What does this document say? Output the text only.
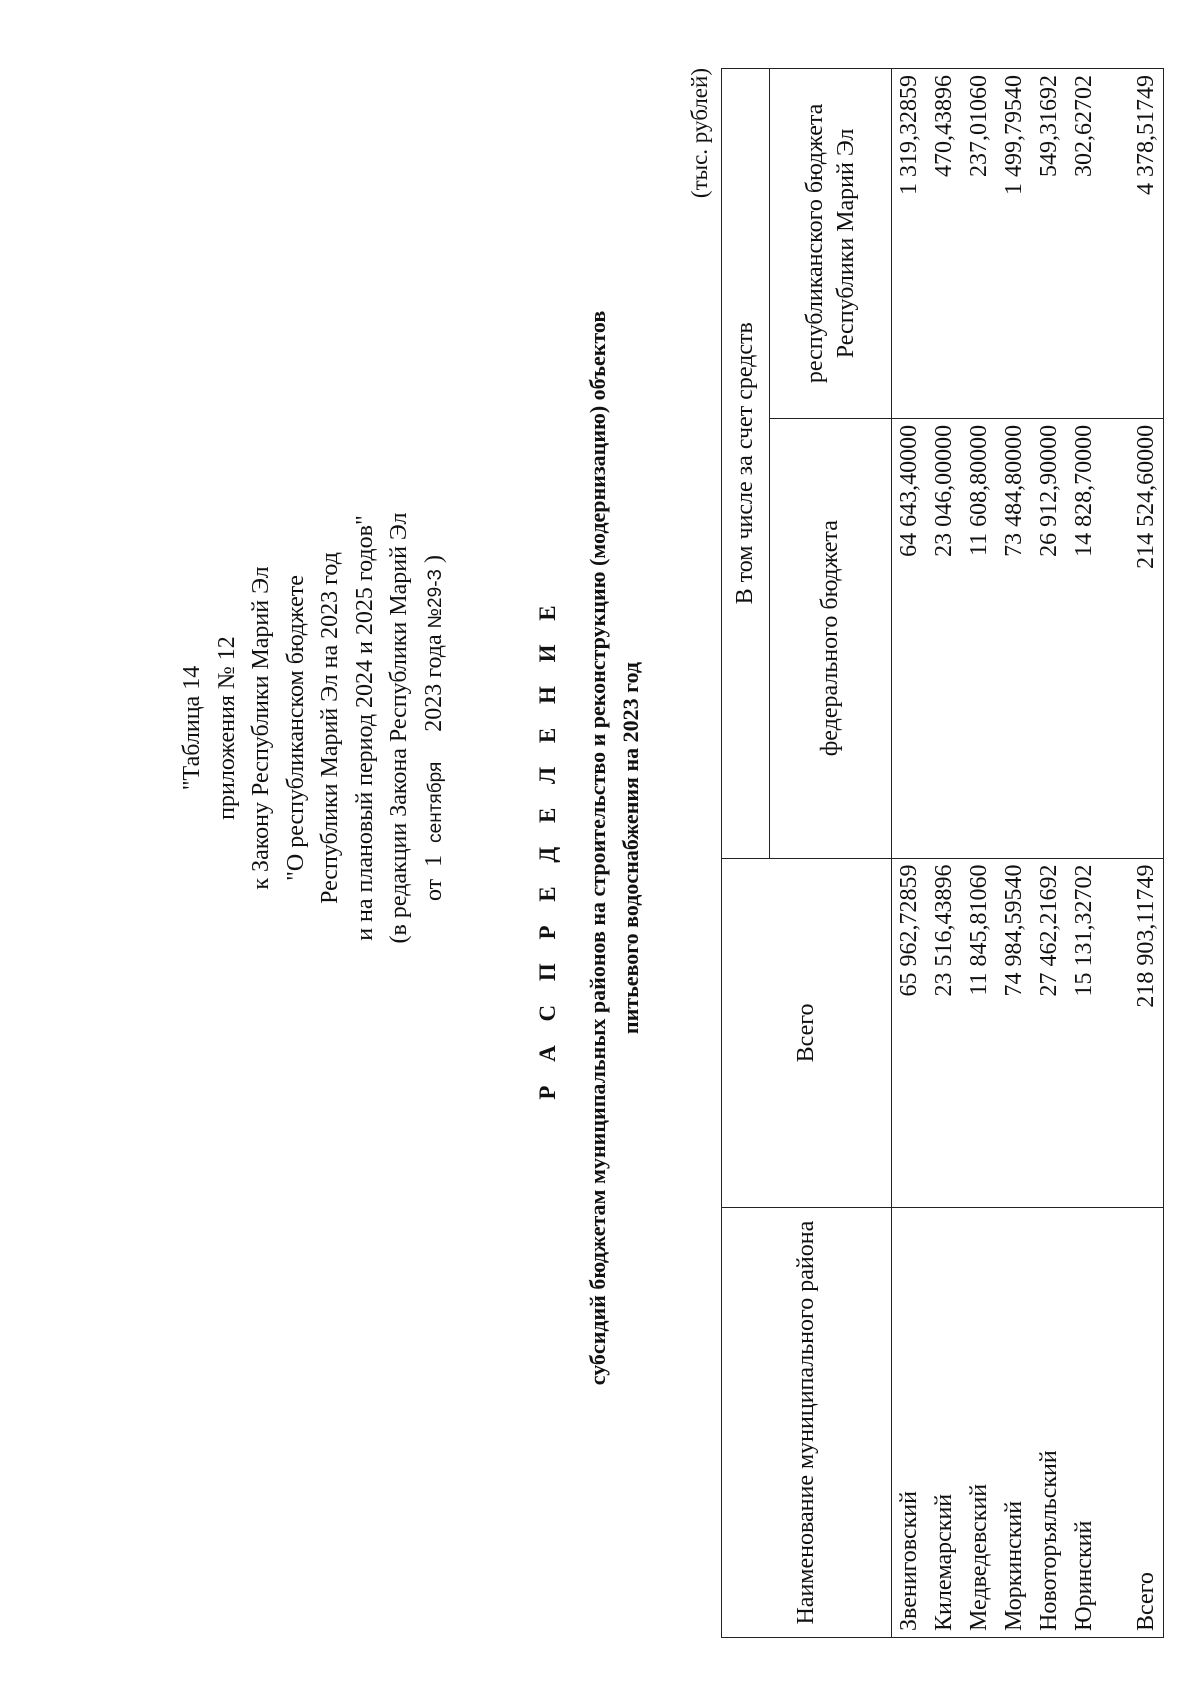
"Таблица 14 приложения № 12 к Закону Республики Марий Эл "О республиканском бюджете Республики Марий Эл на 2023 год и на плановый период 2024 и 2025 годов" (в редакции Закона Республики Марий Эл от  1  сентября     2023 года №29-З )
Р А С П Р Е Д Е Л Е Н И Е субсидий бюджетам муниципальных районов на строительство и реконструкцию (модернизацию) объектов питьевого водоснабжения на 2023 год
(тыс. рублей)
Наименование муниципального района	Всего	В том числе за счет средств	
		федерального бюджета	республиканского бюджета Республики Марий Эл
Звениговский	65 962,72859	64 643,40000	1 319,32859
Килемарский	23 516,43896	23 046,00000	470,43896
Медведевский	11 845,81060	11 608,80000	237,01060
Моркинский	74 984,59540	73 484,80000	1 499,79540
Новоторъяльский	27 462,21692	26 912,90000	549,31692
Юринский	15 131,32702	14 828,70000	302,62702

Всего	218 903,11749	214 524,60000	4 378,51749
